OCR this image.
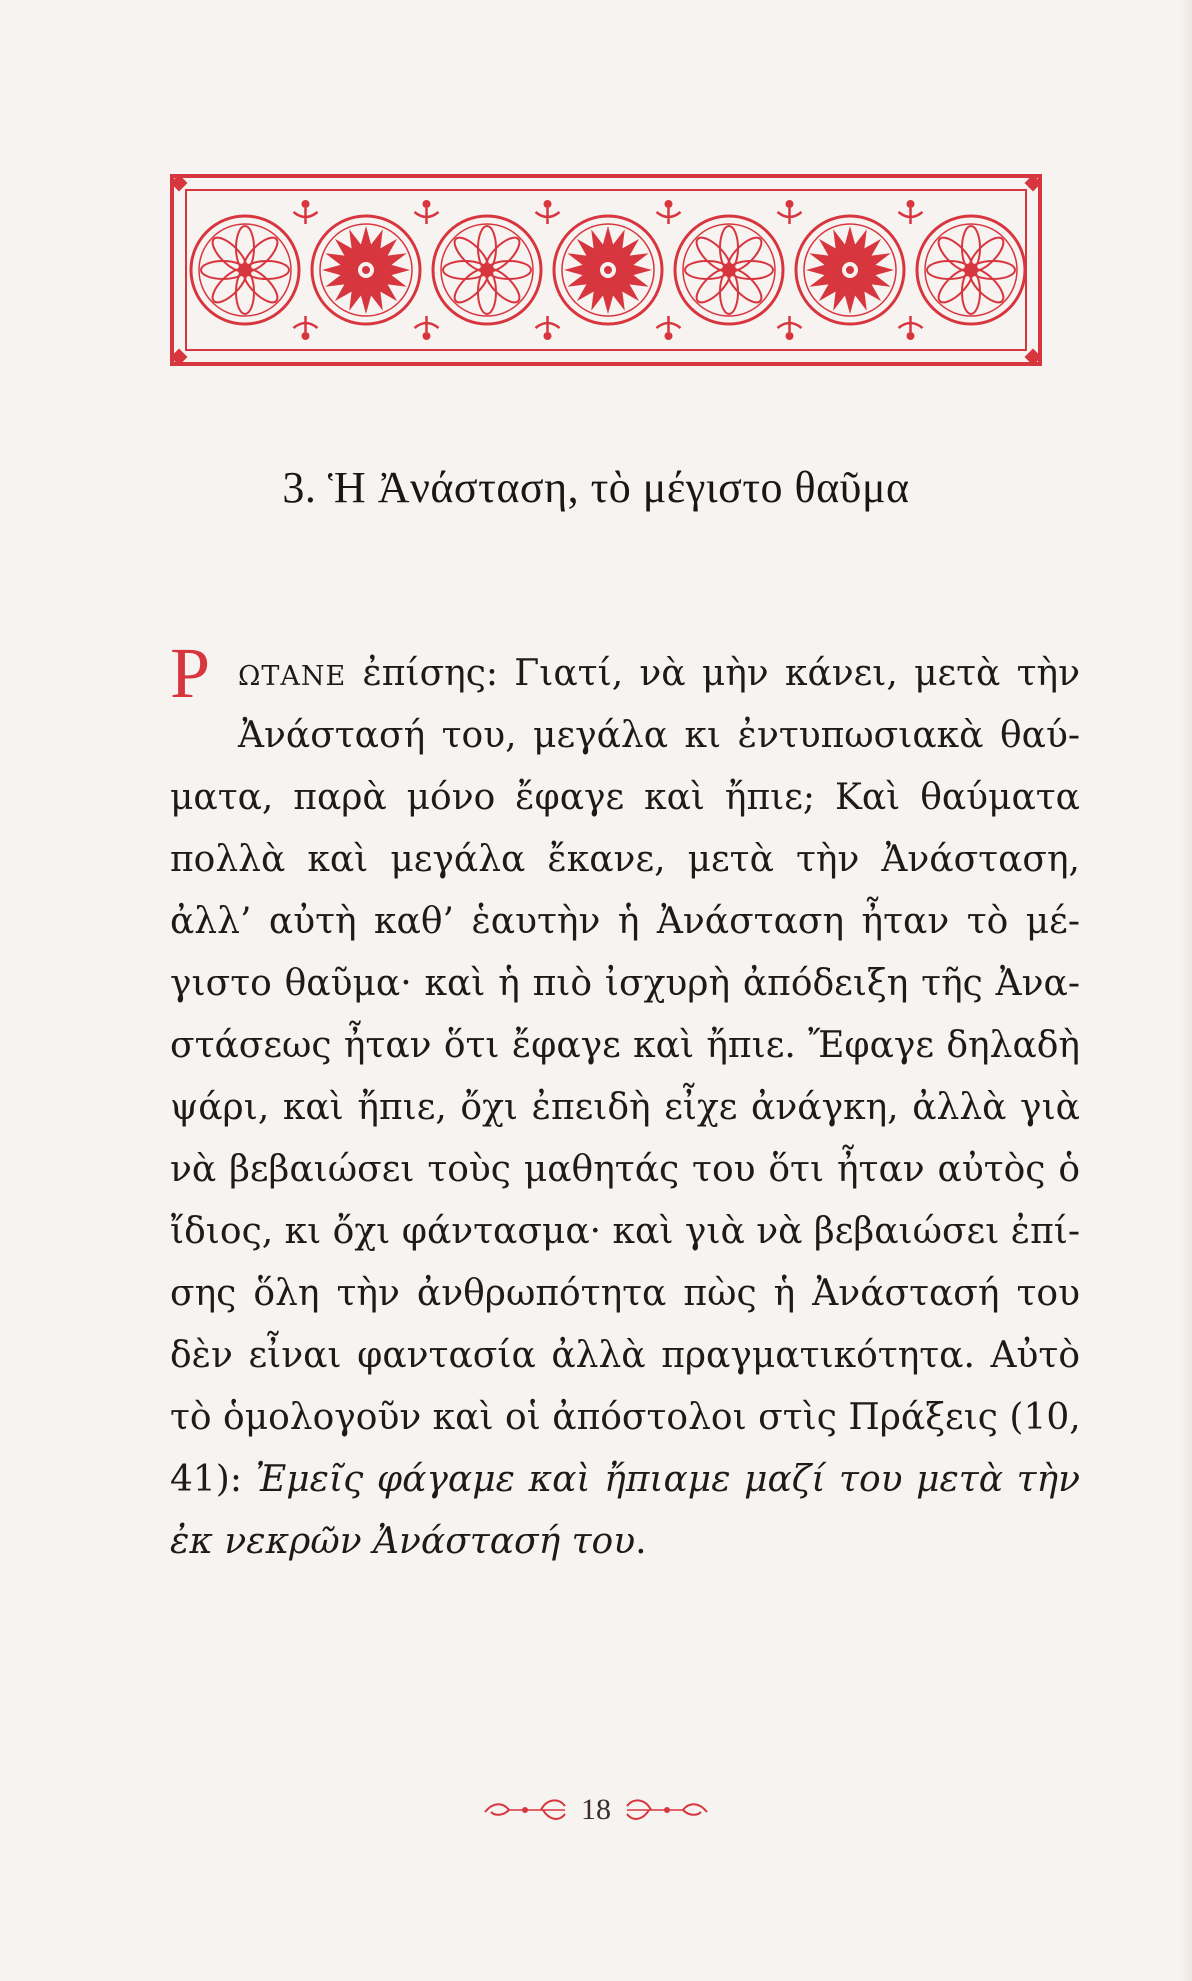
3. Ἡ Ἀνάσταση, τὸ μέγιστο θαῦμα
Ρ	ΩΤΑΝΕ ἐπίσης: Γιατί, νὰ μὴν κάνει, μετὰ τὴν
Ἀνάστασή του, μεγάλα κι ἐντυπωσιακὰ θαύ-
ματα, παρὰ μόνο ἔφαγε καὶ ἤπιε; Καὶ θαύματα
πολλὰ καὶ μεγάλα ἔκανε, μετὰ τὴν Ἀνάσταση,
ἀλλ’ αὐτὴ καθ’ ἑαυτὴν ἡ Ἀνάσταση ἦταν τὸ μέ-
γιστο θαῦμα· καὶ ἡ πιὸ ἰσχυρὴ ἀπόδειξη τῆς Ἀνα-
στάσεως ἦταν ὅτι ἔφαγε καὶ ἤπιε. Ἔφαγε δηλαδὴ
ψάρι, καὶ ἤπιε, ὄχι ἐπειδὴ εἶχε ἀνάγκη, ἀλλὰ γιὰ
νὰ βεβαιώσει τοὺς μαθητάς του ὅτι ἦταν αὐτὸς ὁ
ἴδιος, κι ὄχι φάντασμα· καὶ γιὰ νὰ βεβαιώσει ἐπί-
σης ὅλη τὴν ἀνθρωπότητα πὼς ἡ Ἀνάστασή του
δὲν εἶναι φαντασία ἀλλὰ πραγματικότητα. Αὐτὸ
τὸ ὁμολογοῦν καὶ οἱ ἀπόστολοι στὶς Πράξεις (10,
41): Ἐμεῖς φάγαμε καὶ ἤπιαμε μαζί του μετὰ τὴν
ἐκ νεκρῶν Ἀνάστασή του.
18
